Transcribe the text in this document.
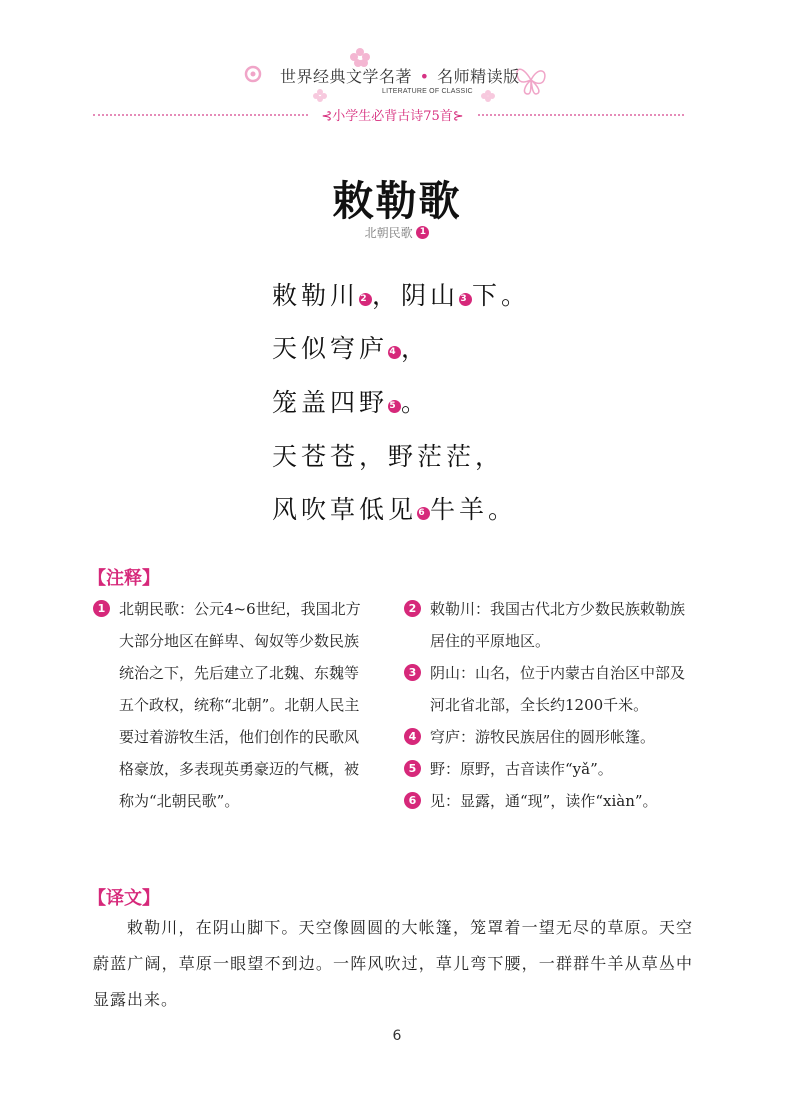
世界经典文学名著 • 名师精读版
LITERATURE OF CLASSIC
⊰小学生必背古诗75首⊱
敕勒歌
北朝民歌 1
敕勒川2，阴山3下。
天似穹庐4，
笼盖四野5。
天苍苍，野茫茫，
风吹草低见6牛羊。
【注释】
1 北朝民歌：公元4~6世纪，我国北方大部分地区在鲜卑、匈奴等少数民族统治之下，先后建立了北魏、东魏等五个政权，统称“北朝”。北朝人民主要过着游牧生活，他们创作的民歌风格豪放，多表现英勇豪迈的气概，被称为“北朝民歌”。
2 敕勒川：我国古代北方少数民族敕勒族居住的平原地区。
3 阴山：山名，位于内蒙古自治区中部及河北省北部，全长约1200千米。
4 穹庐：游牧民族居住的圆形帐篷。
5 野：原野，古音读作“yǎ”。
6 见：显露，通“现”，读作“xiàn”。
【译文】
敕勒川，在阴山脚下。天空像圆圆的大帐篷，笼罩着一望无尽的草原。天空蔚蓝广阔，草原一眼望不到边。一阵风吹过，草儿弯下腰，一群群牛羊从草丛中显露出来。
6
